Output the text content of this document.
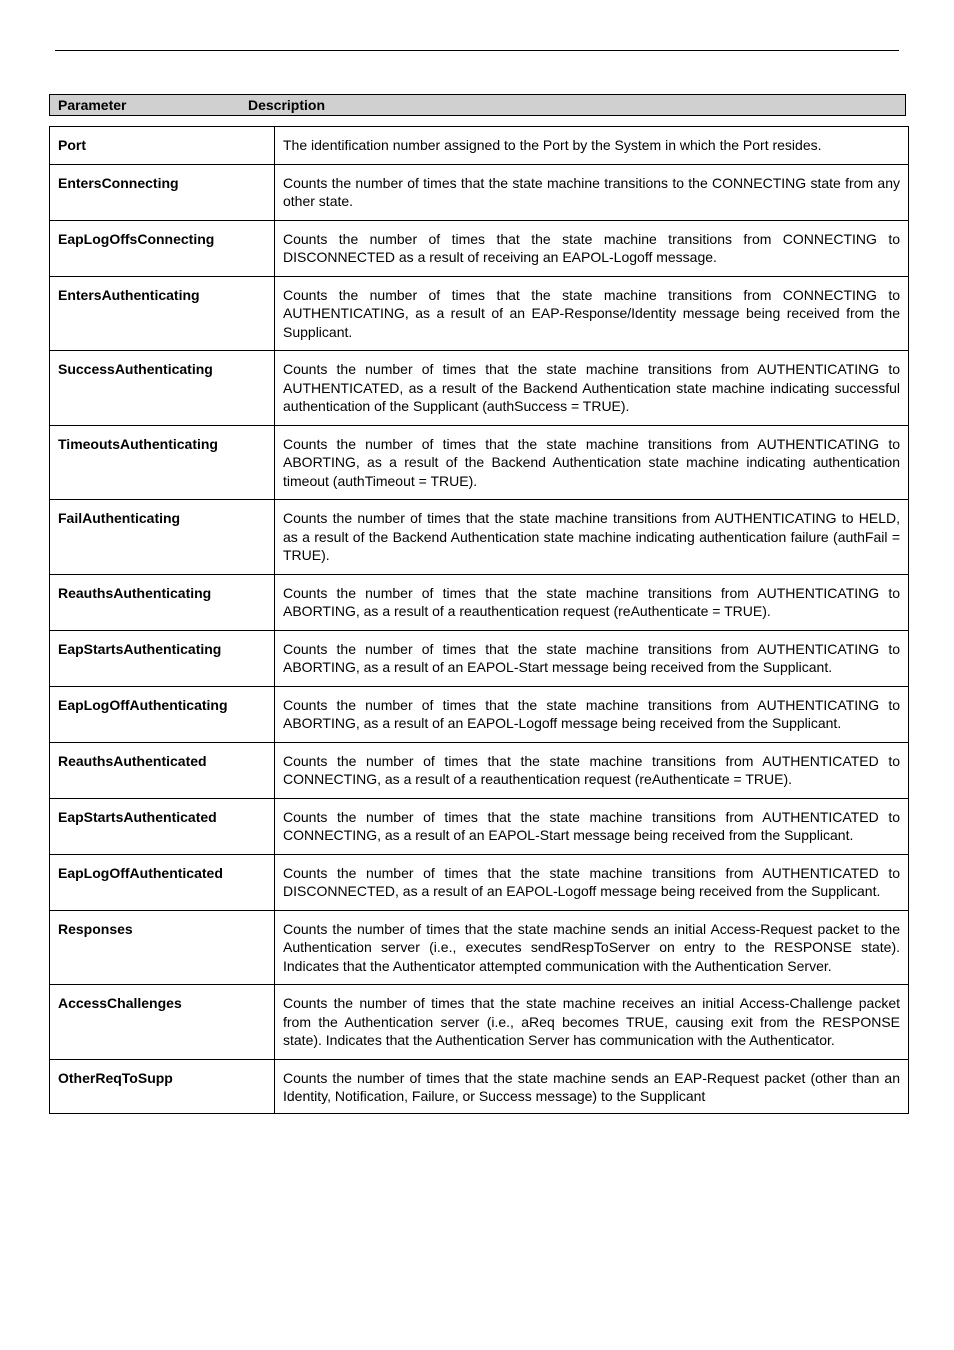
Parameter	Description
Port	The identification number assigned to the Port by the System in which the Port resides.
EntersConnecting	Counts the number of times that the state machine transitions to the CONNECTING state from any other state.
EapLogOffsConnecting	Counts the number of times that the state machine transitions from CONNECTING to DISCONNECTED as a result of receiving an EAPOL-Logoff message.
EntersAuthenticating	Counts the number of times that the state machine transitions from CONNECTING to AUTHENTICATING, as a result of an EAP-Response/Identity message being received from the Supplicant.
SuccessAuthenticating	Counts the number of times that the state machine transitions from AUTHENTICATING to AUTHENTICATED, as a result of the Backend Authentication state machine indicating successful authentication of the Supplicant (authSuccess = TRUE).
TimeoutsAuthenticating	Counts the number of times that the state machine transitions from AUTHENTICATING to ABORTING, as a result of the Backend Authentication state machine indicating authentication timeout (authTimeout = TRUE).
FailAuthenticating	Counts the number of times that the state machine transitions from AUTHENTICATING to HELD, as a result of the Backend Authentication state machine indicating authentication failure (authFail = TRUE).
ReauthsAuthenticating	Counts the number of times that the state machine transitions from AUTHENTICATING to ABORTING, as a result of a reauthentication request (reAuthenticate = TRUE).
EapStartsAuthenticating	Counts the number of times that the state machine transitions from AUTHENTICATING to ABORTING, as a result of an EAPOL-Start message being received from the Supplicant.
EapLogOffAuthenticating	Counts the number of times that the state machine transitions from AUTHENTICATING to ABORTING, as a result of an EAPOL-Logoff message being received from the Supplicant.
ReauthsAuthenticated	Counts the number of times that the state machine transitions from AUTHENTICATED to CONNECTING, as a result of a reauthentication request (reAuthenticate = TRUE).
EapStartsAuthenticated	Counts the number of times that the state machine transitions from AUTHENTICATED to CONNECTING, as a result of an EAPOL-Start message being received from the Supplicant.
EapLogOffAuthenticated	Counts the number of times that the state machine transitions from AUTHENTICATED to DISCONNECTED, as a result of an EAPOL-Logoff message being received from the Supplicant.
Responses	Counts the number of times that the state machine sends an initial Access-Request packet to the Authentication server (i.e., executes sendRespToServer on entry to the RESPONSE state). Indicates that the Authenticator attempted communication with the Authentication Server.
AccessChallenges	Counts the number of times that the state machine receives an initial Access-Challenge packet from the Authentication server (i.e., aReq becomes TRUE, causing exit from the RESPONSE state). Indicates that the Authentication Server has communication with the Authenticator.
OtherReqToSupp	Counts the number of times that the state machine sends an EAP-Request packet (other than an Identity, Notification, Failure, or Success message) to the Supplicant
